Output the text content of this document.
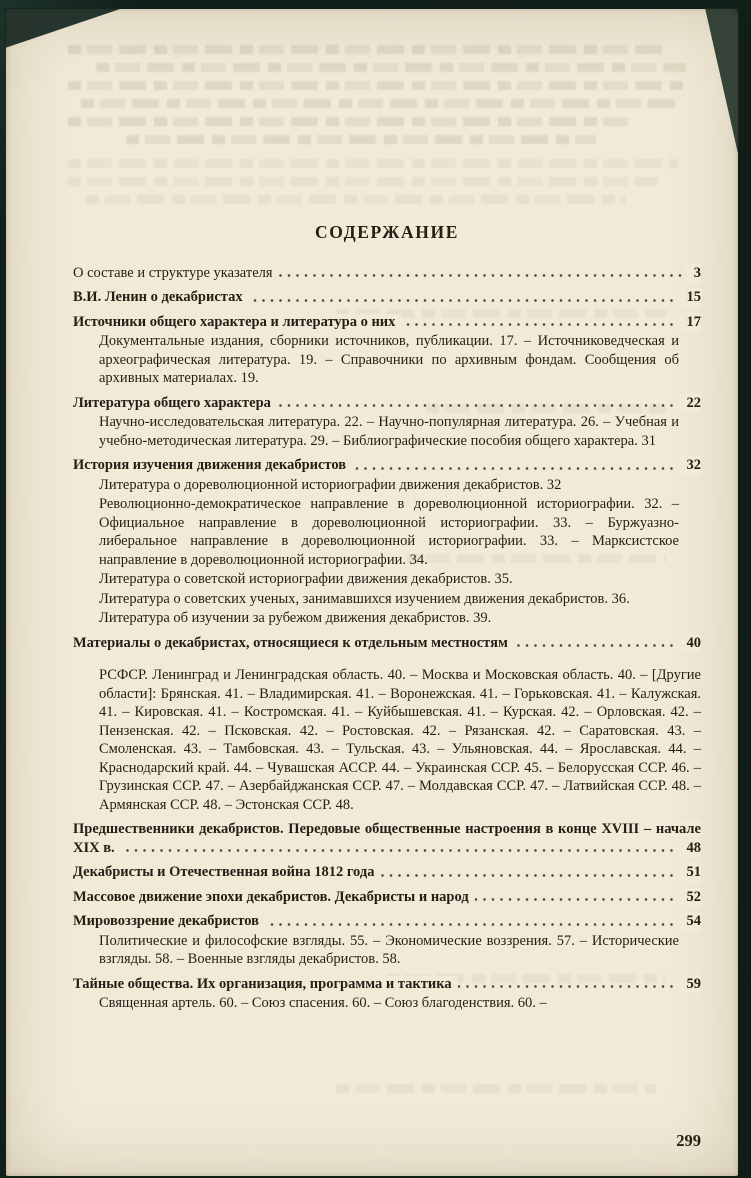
СОДЕРЖАНИЕ
О составе и структуре указателя	3
В.И. Ленин о декабристах	15
Источники общего характера и литература о них	17

Документальные издания, сборники источников, публикации. 17. – Источниковедческая и археографическая литература. 19. – Справочники по архивным фондам. Сообщения об архивных материалах. 19.

Литература общего характера	22

Научно-исследовательская литература. 22. – Научно-популярная литература. 26. – Учебная и учебно-методическая литература. 29. – Библиографические пособия общего характера. 31

История изучения движения декабристов	32

Литература о дореволюционной историографии движения декабристов. 32

Революционно-демократическое направление в дореволюционной историографии. 32. – Официальное направление в дореволюционной историографии. 33. – Буржуазно-либеральное направление в дореволюционной историографии. 33. – Марксистское направление в дореволюционной историографии. 34.

Литература о советской историографии движения декабристов. 35.

Литература о советских ученых, занимавшихся изучением движения декабристов. 36.

Литература об изучении за рубежом движения декабристов. 39.

Материалы о декабристах, относящиеся к отдельным местностям	40

РСФСР. Ленинград и Ленинградская область. 40. – Москва и Московская область. 40. – [Другие области]: Брянская. 41. – Владимирская. 41. – Воронежская. 41. – Горьковская. 41. – Калужская. 41. – Кировская. 41. – Костромская. 41. – Куйбышевская. 41. – Курская. 42. – Орловская. 42. – Пензенская. 42. – Псковская. 42. – Ростовская. 42. – Рязанская. 42. – Саратовская. 43. – Смоленская. 43. – Тамбовская. 43. – Тульская. 43. – Ульяновская. 44. – Ярославская. 44. – Краснодарский край. 44. – Чувашская АССР. 44. – Украинская ССР. 45. – Белорусская ССР. 46. – Грузинская ССР. 47. – Азербайджанская ССР. 47. – Молдавская ССР. 47. – Латвийская ССР. 48. – Армянская ССР. 48. – Эстонская ССР. 48.

Предшественники декабристов. Передовые общественные настроения в конце XVIII – начале XIX в.	48
Декабристы и Отечественная война 1812 года	51
Массовое движение эпохи декабристов. Декабристы и народ	52
Мировоззрение декабристов	54

Политические и философские взгляды. 55. – Экономические воззрения. 57. – Исторические взгляды. 58. – Военные взгляды декабристов. 58.

Тайные общества. Их организация, программа и тактика	59

Священная артель. 60. – Союз спасения. 60. – Союз благоденствия. 60. –

299
